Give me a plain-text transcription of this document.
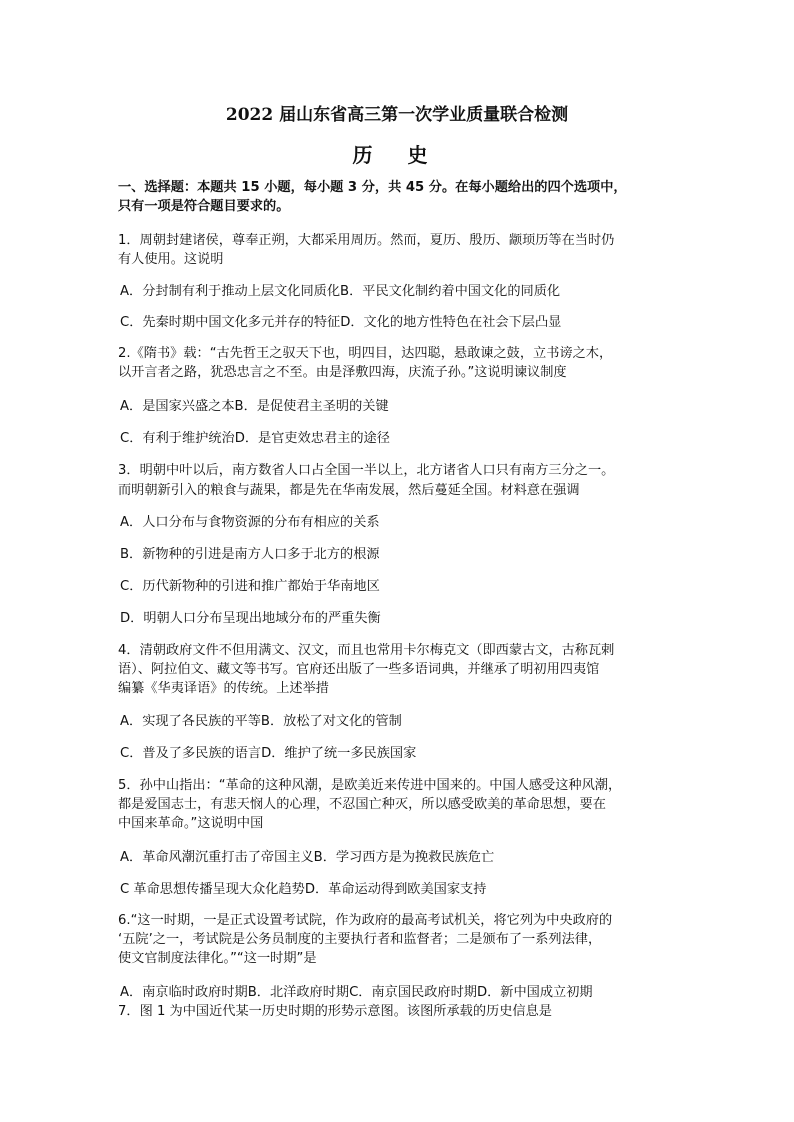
2022 届山东省高三第一次学业质量联合检测
历 史
一、选择题：本题共 15 小题，每小题 3 分，共 45 分。在每小题给出的四个选项中，
只有一项是符合题目要求的。
1．周朝封建诸侯，尊奉正朔，大都采用周历。然而，夏历、殷历、颛顼历等在当时仍
有人使用。这说明
A．分封制有利于推动上层文化同质化B．平民文化制约着中国文化的同质化
C．先秦时期中国文化多元并存的特征D．文化的地方性特色在社会下层凸显
2.《隋书》载：“古先哲王之驭天下也，明四目，达四聪，悬敢谏之鼓，立书谤之木，
以开言者之路，犹恐忠言之不至。由是泽敷四海，庆流子孙。”这说明谏议制度
A．是国家兴盛之本B．是促使君主圣明的关键
C．有利于维护统治D．是官吏效忠君主的途径
3．明朝中叶以后，南方数省人口占全国一半以上，北方诸省人口只有南方三分之一。
而明朝新引入的粮食与蔬果，都是先在华南发展，然后蔓延全国。材料意在强调
A．人口分布与食物资源的分布有相应的关系
B．新物种的引进是南方人口多于北方的根源
C．历代新物种的引进和推广都始于华南地区
D．明朝人口分布呈现出地域分布的严重失衡
4．清朝政府文件不但用满文、汉文，而且也常用卡尔梅克文（即西蒙古文，古称瓦剌
语）、阿拉伯文、藏文等书写。官府还出版了一些多语词典，并继承了明初用四夷馆
编纂《华夷译语》的传统。上述举措
A．实现了各民族的平等B．放松了对文化的管制
C．普及了多民族的语言D．维护了统一多民族国家
5．孙中山指出：“革命的这种风潮，是欧美近来传进中国来的。中国人感受这种风潮，
都是爱国志士，有悲天悯人的心理，不忍国亡种灭，所以感受欧美的革命思想，要在
中国来革命。”这说明中国
A．革命风潮沉重打击了帝国主义B．学习西方是为挽救民族危亡
C 革命思想传播呈现大众化趋势D．革命运动得到欧美国家支持
6.“这一时期，一是正式设置考试院，作为政府的最高考试机关，将它列为中央政府的
‘五院’之一，考试院是公务员制度的主要执行者和监督者；二是颁布了一系列法律，
使文官制度法律化。”“这一时期”是
A．南京临时政府时期B．北洋政府时期C．南京国民政府时期D．新中国成立初期
7．图 1 为中国近代某一历史时期的形势示意图。该图所承载的历史信息是
